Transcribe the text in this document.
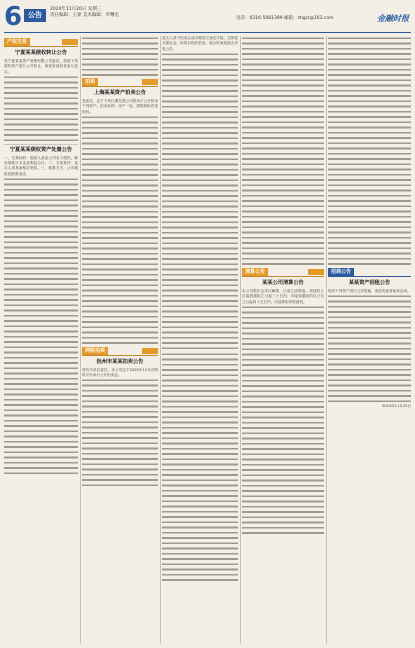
6 公告
2024年11月20日 星期三
责任编辑：王蒙 美术编辑：李曙光
电话：0316-5081399 邮箱：zhgcl@163.com	金融时报
产权交易
宁夏某某债权转让公告
受宁夏某某资产管理有限公司委托，现将下列债权资产进行公开转让，欢迎有意向者参与竞买。
宁夏某某债权资产处置公告
一、交易标的：借款人某某公司名下债权，截至基准日本金及利息合计。二、交易条件：竞买人须具备相应资质。三、联系方式：公司地址及联系电话。
拍卖
上海某某资产拍卖公告
受委托，定于下列日期在我公司拍卖厅公开拍卖下列资产。拍卖标的：房产一处，建筑面积详见资料。
网络拍卖
抚州市某某拍卖公告
受有关单位委托，本公司定于2024年12月在网络平台举行公开拍卖会。
竞买人须于拍卖会前办理竞买登记手续，交纳竞买保证金。标的以现状拍卖，展示时间及地点详见公告。
清算公告
某某公司清算公告
本公司股东会决议解散，已成立清算组。请债权人自接到通知之日起三十日内，未接到通知的自公告之日起四十五日内，向清算组申报债权。
招商公告
某某资产招租公告
现对下列资产进行公开招租，欢迎有意者前来洽谈。
2024年11月20日
